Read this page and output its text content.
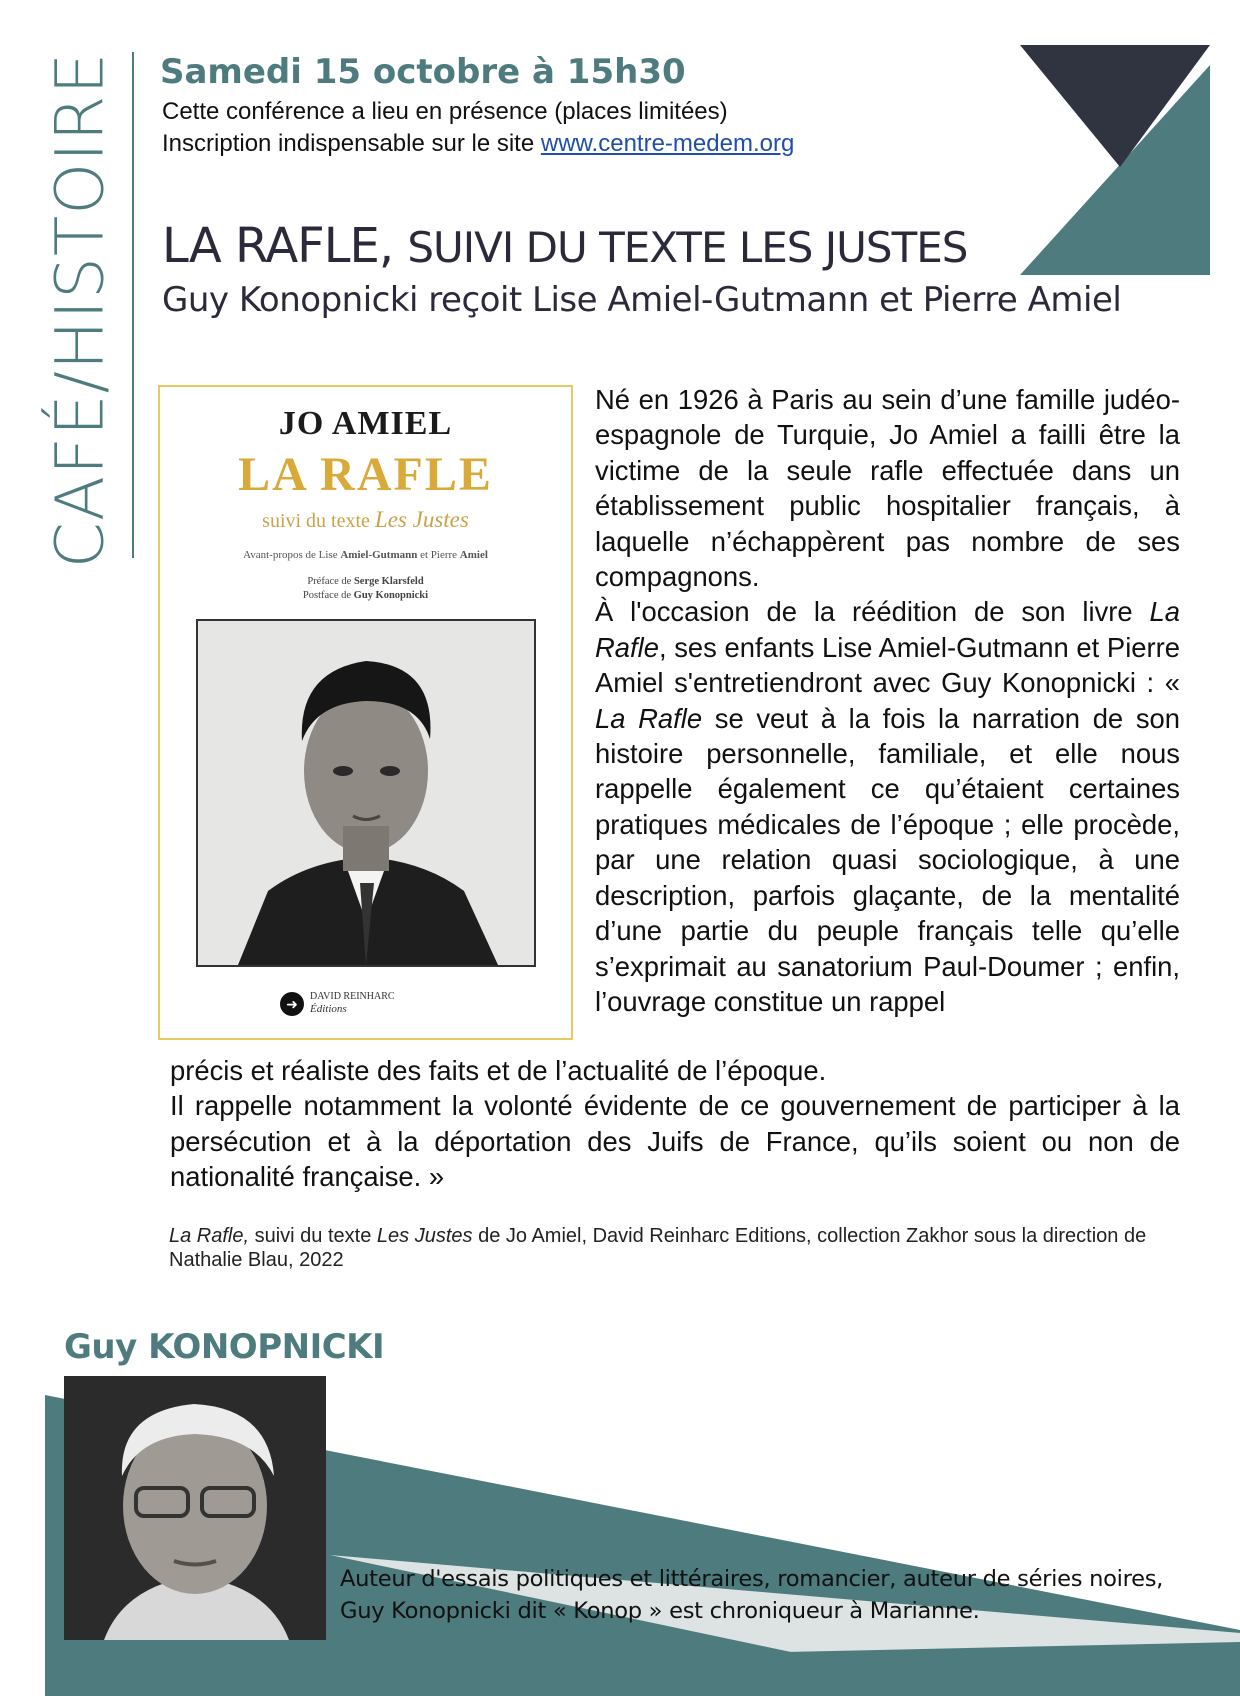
CAFÉ/HISTOIRE Samedi 15 octobre à 15h30
Cette conférence a lieu en présence (places limitées)
Inscription indispensable sur le site www.centre-medem.org
LA RAFLE, SUIVI DU TEXTE LES JUSTES
Guy Konopnicki reçoit Lise Amiel-Gutmann et Pierre Amiel
JO AMIEL
LA RAFLE
suivi du texte Les Justes
Avant-propos de Lise Amiel-Gutmann et Pierre Amiel
Préface de Serge Klarsfeld
Postface de Guy Konopnicki
➜	DAVID REINHARC
Éditions

Né en 1926 à Paris au sein d’une famille judéo-espagnole de Turquie, Jo Amiel a failli être la victime de la seule rafle effectuée dans un établissement public hospitalier français, à laquelle n’échappèrent pas nombre de ses compagnons.

À l'occasion de la réédition de son livre La Rafle, ses enfants Lise Amiel-Gutmann et Pierre Amiel s'entretiendront avec Guy Konopnicki : « La Rafle se veut à la fois la narration de son histoire personnelle, familiale, et elle nous rappelle également ce qu’étaient certaines pratiques médicales de l’époque ; elle procède, par une relation quasi sociologique, à une description, parfois glaçante, de la mentalité d’une partie du peuple français telle qu’elle s’exprimait au sanatorium Paul-Doumer ; enfin, l’ouvrage constitue un rappel

précis et réaliste des faits et de l’actualité de l’époque.

Il rappelle notamment la volonté évidente de ce gouvernement de participer à la persécution et à la déportation des Juifs de France, qu’ils soient ou non de nationalité française. »

La Rafle, suivi du texte Les Justes de Jo Amiel, David Reinharc Editions, collection Zakhor sous la direction de Nathalie Blau, 2022
Guy KONOPNICKI
Auteur d'essais politiques et littéraires, romancier, auteur de séries noires, Guy Konopnicki dit « Konop » est chroniqueur à Marianne.
